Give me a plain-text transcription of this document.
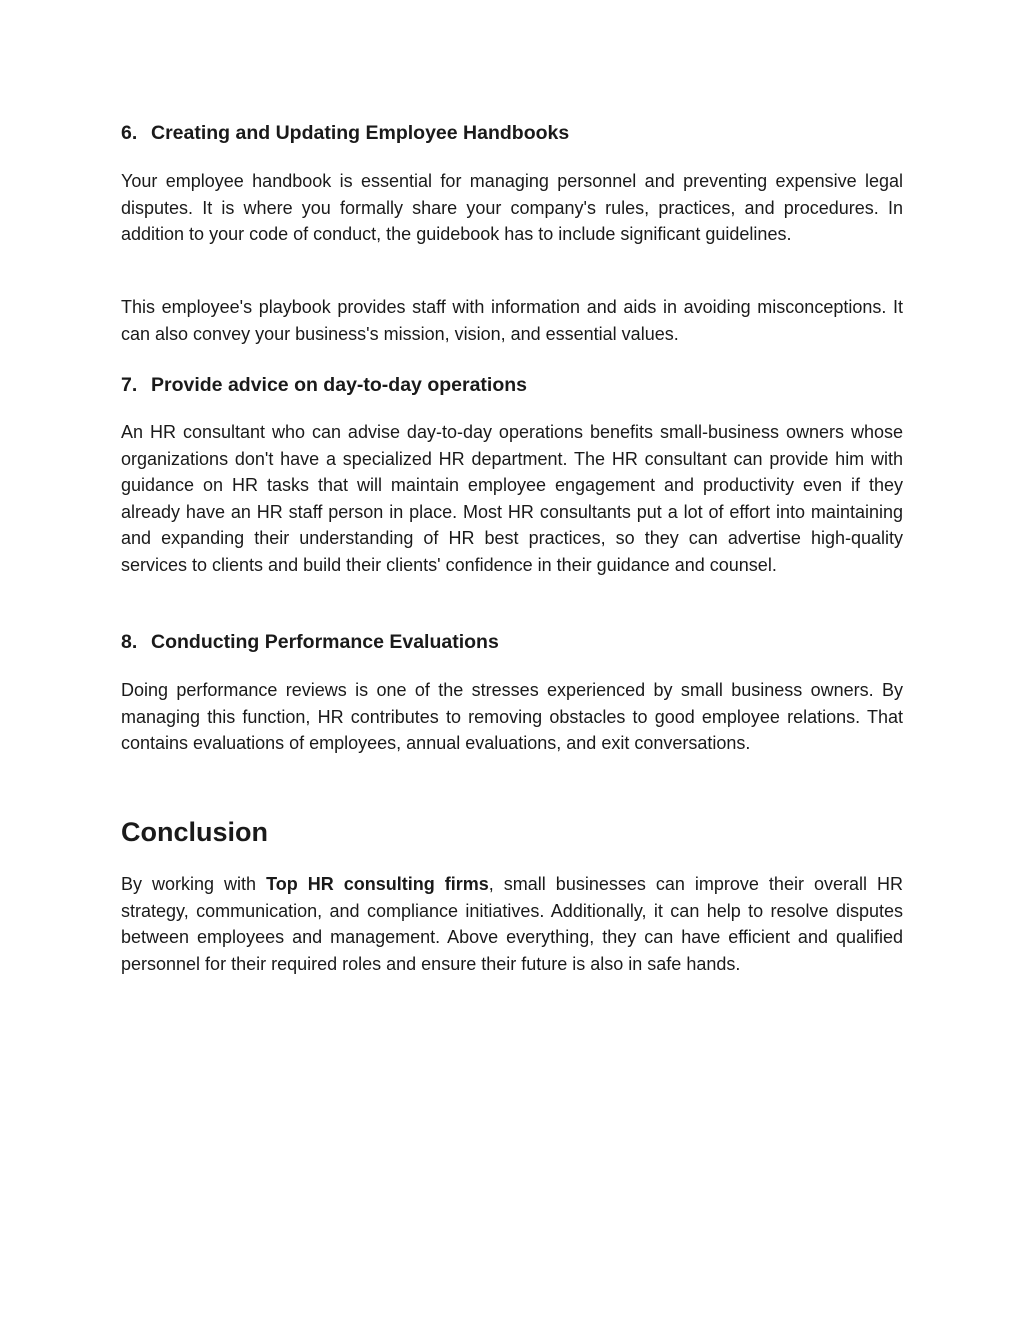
6. Creating and Updating Employee Handbooks

Your employee handbook is essential for managing personnel and preventing expensive legal disputes. It is where you formally share your company's rules, practices, and procedures. In addition to your code of conduct, the guidebook has to include significant guidelines.

This employee's playbook provides staff with information and aids in avoiding misconceptions. It can also convey your business's mission, vision, and essential values.

7. Provide advice on day-to-day operations

An HR consultant who can advise day-to-day operations benefits small-business owners whose organizations don't have a specialized HR department. The HR consultant can provide him with guidance on HR tasks that will maintain employee engagement and productivity even if they already have an HR staff person in place. Most HR consultants put a lot of effort into maintaining and expanding their understanding of HR best practices, so they can advertise high-quality services to clients and build their clients' confidence in their guidance and counsel.

8. Conducting Performance Evaluations

Doing performance reviews is one of the stresses experienced by small business owners. By managing this function, HR contributes to removing obstacles to good employee relations. That contains evaluations of employees, annual evaluations, and exit conversations.

Conclusion

By working with Top HR consulting firms, small businesses can improve their overall HR strategy, communication, and compliance initiatives. Additionally, it can help to resolve disputes between employees and management. Above everything, they can have efficient and qualified personnel for their required roles and ensure their future is also in safe hands.
